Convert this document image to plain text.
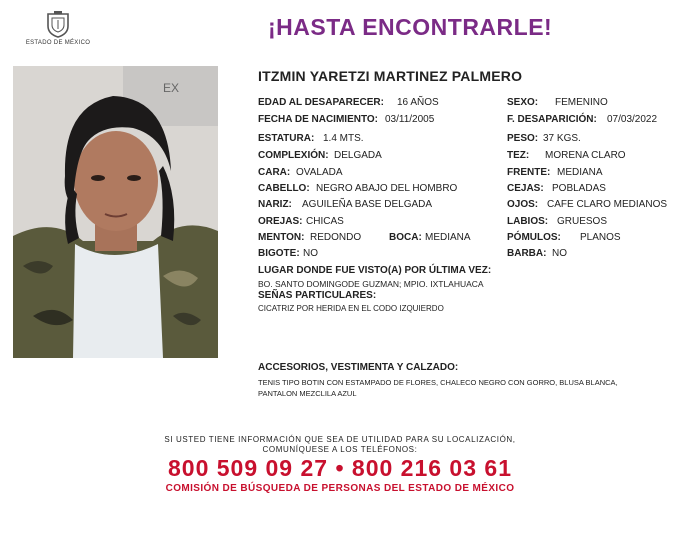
ESTADO DE MÉXICO
¡HASTA ENCONTRARLE!
EX
ITZMIN YARETZI MARTINEZ PALMERO
EDAD AL DESAPARECER: 16 AÑOS	SEXO: FEMENINO
FECHA DE NACIMIENTO: 03/11/2005	F. DESAPARICIÓN: 07/03/2022
ESTATURA: 1.4 MTS.	PESO: 37 KGS.
COMPLEXIÓN: DELGADA	TEZ: MORENA CLARO
CARA: OVALADA	FRENTE: MEDIANA
CABELLO: NEGRO ABAJO DEL HOMBRO	CEJAS: POBLADAS
NARIZ: AGUILEÑA BASE DELGADA	OJOS: CAFE CLARO MEDIANOS
OREJAS: CHICAS	LABIOS: GRUESOS
MENTON: REDONDO	BOCA: MEDIANA	PÓMULOS: PLANOS
BIGOTE: NO	BARBA: NO
LUGAR DONDE FUE VISTO(A) POR ÚLTIMA VEZ:
BO. SANTO DOMINGODE GUZMAN; MPIO. IXTLAHUACA
SEÑAS PARTICULARES:
CICATRIZ POR HERIDA EN EL CODO IZQUIERDO
ACCESORIOS, VESTIMENTA Y CALZADO:
TENIS TIPO BOTIN CON ESTAMPADO DE FLORES, CHALECO NEGRO CON GORRO, BLUSA BLANCA,
PANTALON MEZCLILA AZUL
SI USTED TIENE INFORMACIÓN QUE SEA DE UTILIDAD PARA SU LOCALIZACIÓN,
COMUNÍQUESE A LOS TELÉFONOS:
800 509 09 27 • 800 216 03 61
COMISIÓN DE BÚSQUEDA DE PERSONAS DEL ESTADO DE MÉXICO
